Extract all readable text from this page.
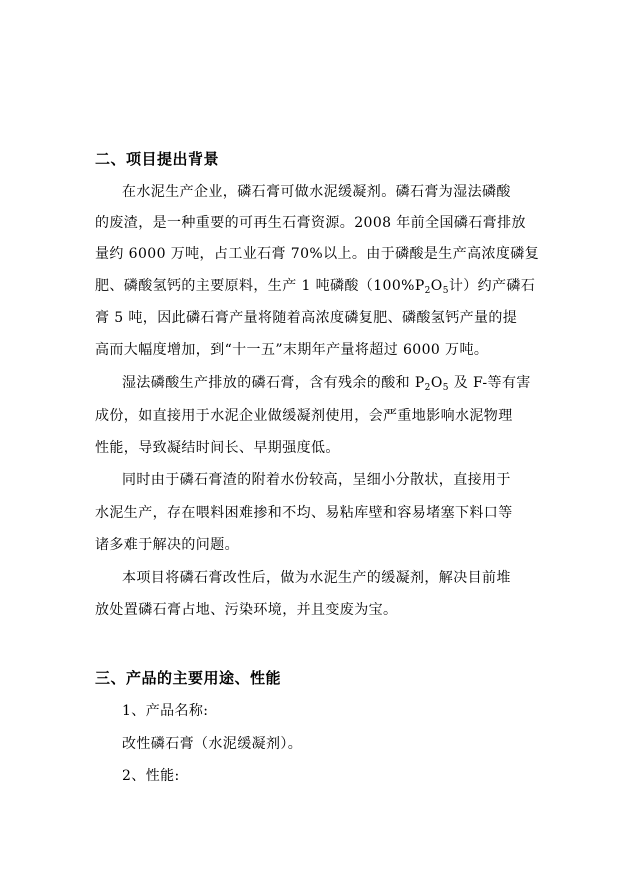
二、项目提出背景
在水泥生产企业，磷石膏可做水泥缓凝剂。磷石膏为湿法磷酸
的废渣，是一种重要的可再生石膏资源。2008 年前全国磷石膏排放
量约 6000 万吨，占工业石膏 70%以上。由于磷酸是生产高浓度磷复
肥、磷酸氢钙的主要原料，生产 1 吨磷酸（$100\%P_2O_5$计）约产磷石
膏 5 吨，因此磷石膏产量将随着高浓度磷复肥、磷酸氢钙产量的提
高而大幅度增加，到“十一五”末期年产量将超过 6000 万吨。
湿法磷酸生产排放的磷石膏，含有残余的酸和 $P_2O_5$ 及 F-等有害
成份，如直接用于水泥企业做缓凝剂使用，会严重地影响水泥物理
性能，导致凝结时间长、早期强度低。
同时由于磷石膏渣的附着水份较高，呈细小分散状，直接用于
水泥生产，存在喂料困难掺和不均、易粘库壁和容易堵塞下料口等
诸多难于解决的问题。
本项目将磷石膏改性后，做为水泥生产的缓凝剂，解决目前堆
放处置磷石膏占地、污染环境，并且变废为宝。
三、产品的主要用途、性能
1、产品名称:
改性磷石膏（水泥缓凝剂）。
2、性能:
